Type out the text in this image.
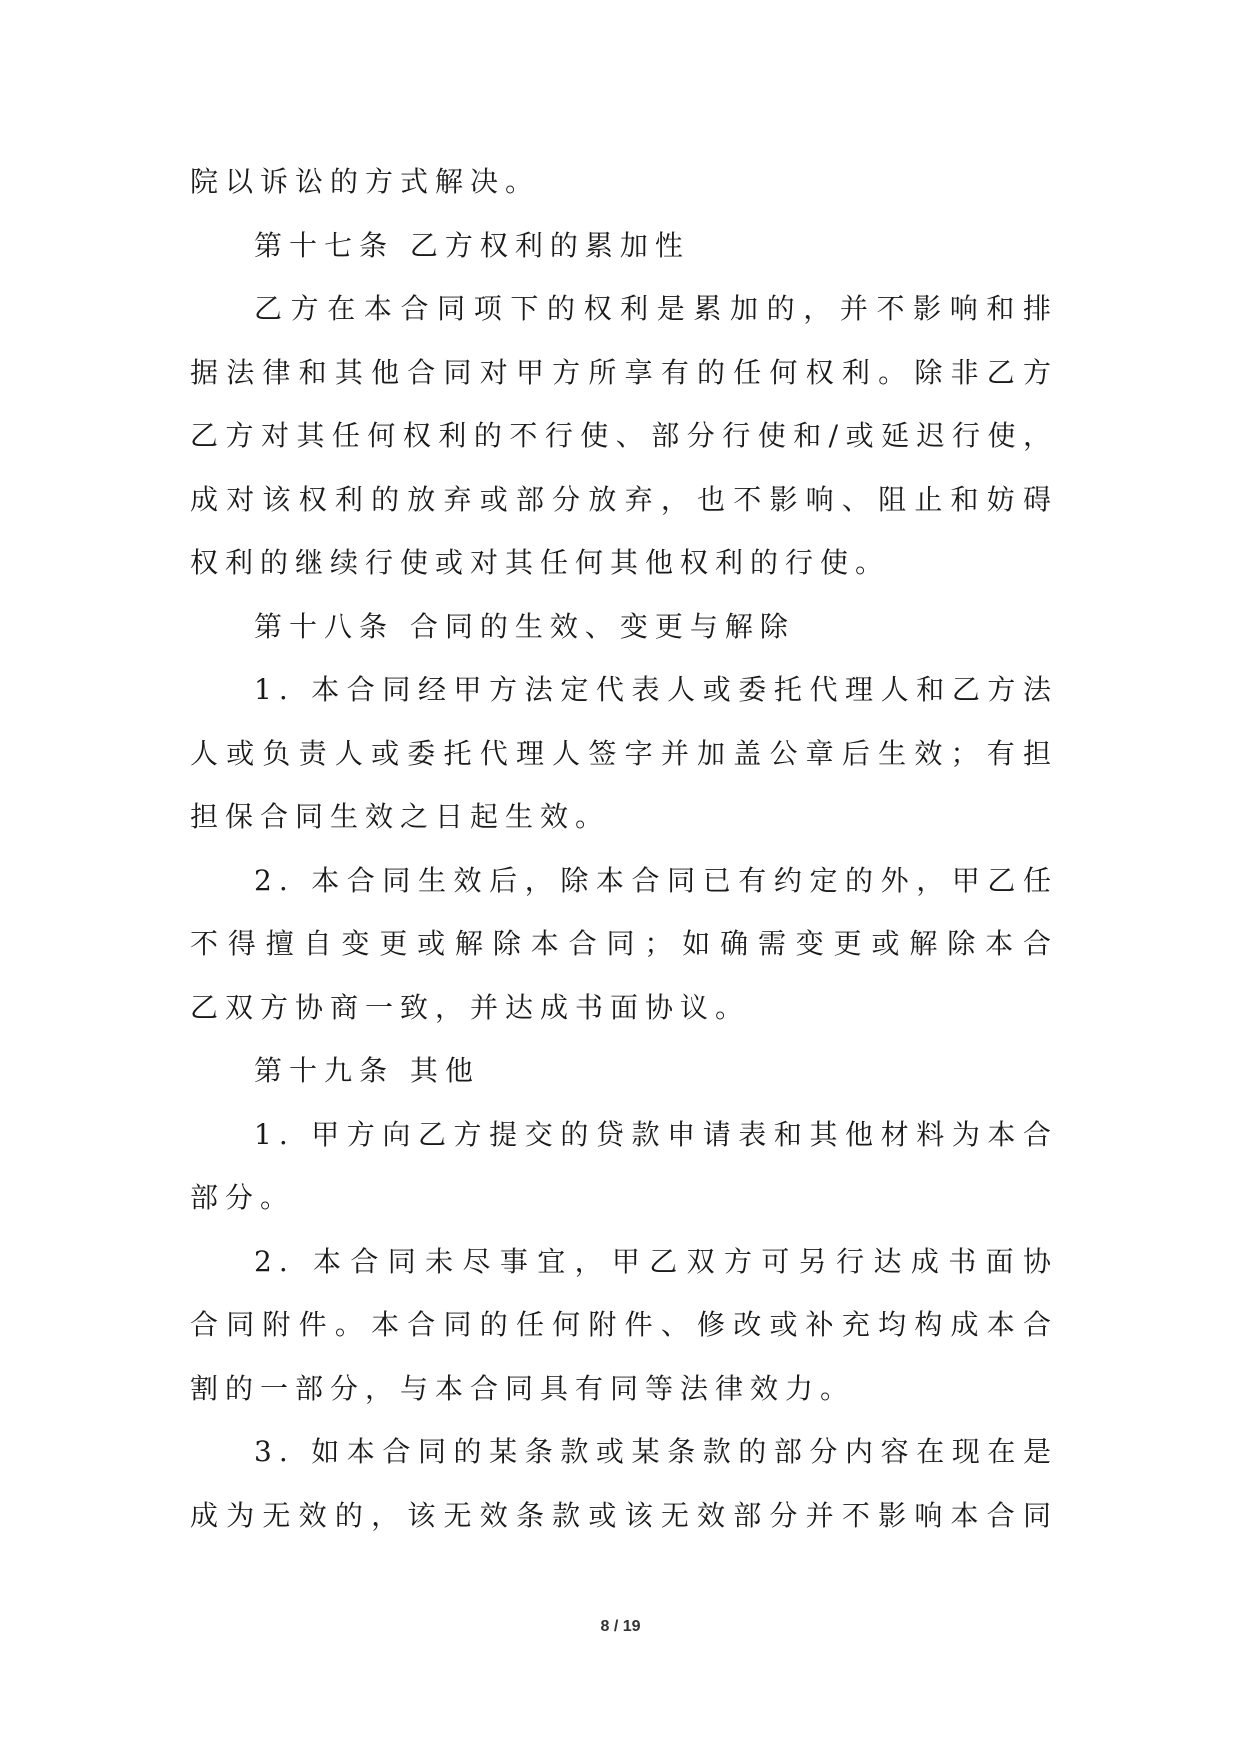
院以诉讼的方式解决。
第十七条 乙方权利的累加性
乙方在本合同项下的权利是累加的，并不影响和排
据法律和其他合同对甲方所享有的任何权利。除非乙方
乙方对其任何权利的不行使、部分行使和/或延迟行使，
成对该权利的放弃或部分放弃，也不影响、阻止和妨碍
权利的继续行使或对其任何其他权利的行使。
第十八条 合同的生效、变更与解除
1. 本合同经甲方法定代表人或委托代理人和乙方法
人或负责人或委托代理人签字并加盖公章后生效；有担
担保合同生效之日起生效。
2. 本合同生效后，除本合同已有约定的外，甲乙任
不得擅自变更或解除本合同；如确需变更或解除本合
乙双方协商一致，并达成书面协议。
第十九条 其他
1. 甲方向乙方提交的贷款申请表和其他材料为本合
部分。
2. 本合同未尽事宜，甲乙双方可另行达成书面协
合同附件。本合同的任何附件、修改或补充均构成本合
割的一部分，与本合同具有同等法律效力。
3. 如本合同的某条款或某条款的部分内容在现在是
成为无效的，该无效条款或该无效部分并不影响本合同
8 / 19
